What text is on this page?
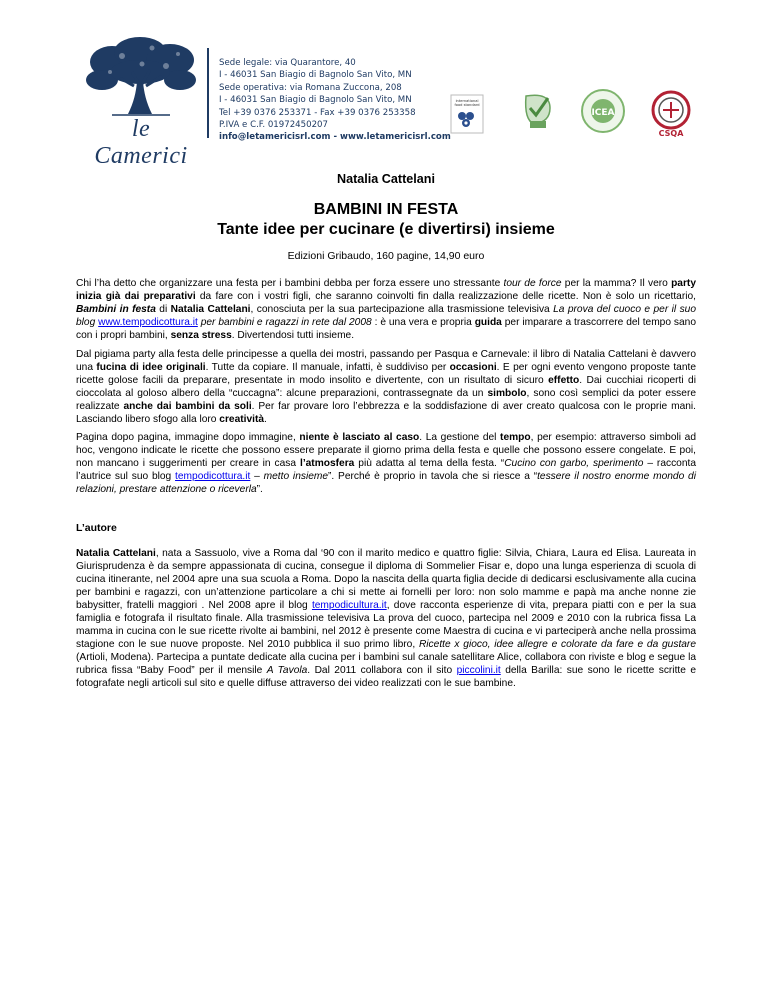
le Camerici
Sede legale: via Quarantore, 40
I - 46031 San Biagio di Bagnolo San Vito, MN
Sede operativa: via Romana Zuccona, 208
I - 46031 San Biagio di Bagnolo San Vito, MN
Tel +39 0376 253371 - Fax +39 0376 253358
P.IVA e C.F. 01972450207
info@letamericisrl.com - www.letamericisrl.com
international
food standard
ICEA
CSQA
Natalia Cattelani
BAMBINI IN FESTA
Tante idee per cucinare (e divertirsi) insieme
Edizioni Gribaudo, 160 pagine, 14,90 euro

Chi l’ha detto che organizzare una festa per i bambini debba per forza essere uno stressante tour de force per la mamma? Il vero party inizia già dai preparativi da fare con i vostri figli, che saranno coinvolti fin dalla realizzazione delle ricette. Non è solo un ricettario, Bambini in festa di Natalia Cattelani, conosciuta per la sua partecipazione alla trasmissione televisiva La prova del cuoco e per il suo blog www.tempodicottura.it per bambini e ragazzi in rete dal 2008 : è una vera e propria guida per imparare a trascorrere del tempo sano con i propri bambini, senza stress. Divertendosi tutti insieme.

Dal pigiama party alla festa delle principesse a quella dei mostri, passando per Pasqua e Carnevale: il libro di Natalia Cattelani è davvero una fucina di idee originali. Tutte da copiare. Il manuale, infatti, è suddiviso per occasioni. E per ogni evento vengono proposte tante ricette golose facili da preparare, presentate in modo insolito e divertente, con un risultato di sicuro effetto. Dai cucchiai ricoperti di cioccolata al goloso albero della “cuccagna”: alcune preparazioni, contrassegnate da un simbolo, sono così semplici da poter essere realizzate anche dai bambini da soli. Per far provare loro l’ebbrezza e la soddisfazione di aver creato qualcosa con le proprie mani. Lasciando libero sfogo alla loro creatività.

Pagina dopo pagina, immagine dopo immagine, niente è lasciato al caso. La gestione del tempo, per esempio: attraverso simboli ad hoc, vengono indicate le ricette che possono essere preparate il giorno prima della festa e quelle che possono essere congelate. E poi, non mancano i suggerimenti per creare in casa l’atmosfera più adatta al tema della festa. “Cucino con garbo, sperimento – racconta l’autrice sul suo blog tempodicottura.it – metto insieme”. Perché è proprio in tavola che si riesce a “tessere il nostro enorme mondo di relazioni, prestare attenzione o riceverla”.

L’autore

Natalia Cattelani, nata a Sassuolo, vive a Roma dal ‘90 con il marito medico e quattro figlie: Silvia, Chiara, Laura ed Elisa. Laureata in Giurisprudenza è da sempre appassionata di cucina, consegue il diploma di Sommelier Fisar e, dopo una lunga esperienza di scuola di cucina itinerante, nel 2004 apre una sua scuola a Roma. Dopo la nascita della quarta figlia decide di dedicarsi esclusivamente alla cucina per bambini e ragazzi, con un’attenzione particolare a chi si mette ai fornelli per loro: non solo mamme e papà ma anche nonne zie babysitter, fratelli maggiori . Nel 2008 apre il blog tempodicultura.it, dove racconta esperienze di vita, prepara piatti con e per la sua famiglia e fotografa il risultato finale. Alla trasmissione televisiva La prova del cuoco, partecipa nel 2009 e 2010 con la rubrica fissa La mamma in cucina con le sue ricette rivolte ai bambini, nel 2012 è presente come Maestra di cucina e vi parteciperà anche nella prossima stagione con le sue nuove proposte. Nel 2010 pubblica il suo primo libro, Ricette x gioco, idee allegre e colorate da fare e da gustare (Artioli, Modena). Partecipa a puntate dedicate alla cucina per i bambini sul canale satellitare Alice, collabora con riviste e blog e segue la rubrica fissa “Baby Food” per il mensile A Tavola. Dal 2011 collabora con il sito piccolini.it della Barilla: sue sono le ricette scritte e fotografate negli articoli sul sito e quelle diffuse attraverso dei video realizzati con le sue bambine.
